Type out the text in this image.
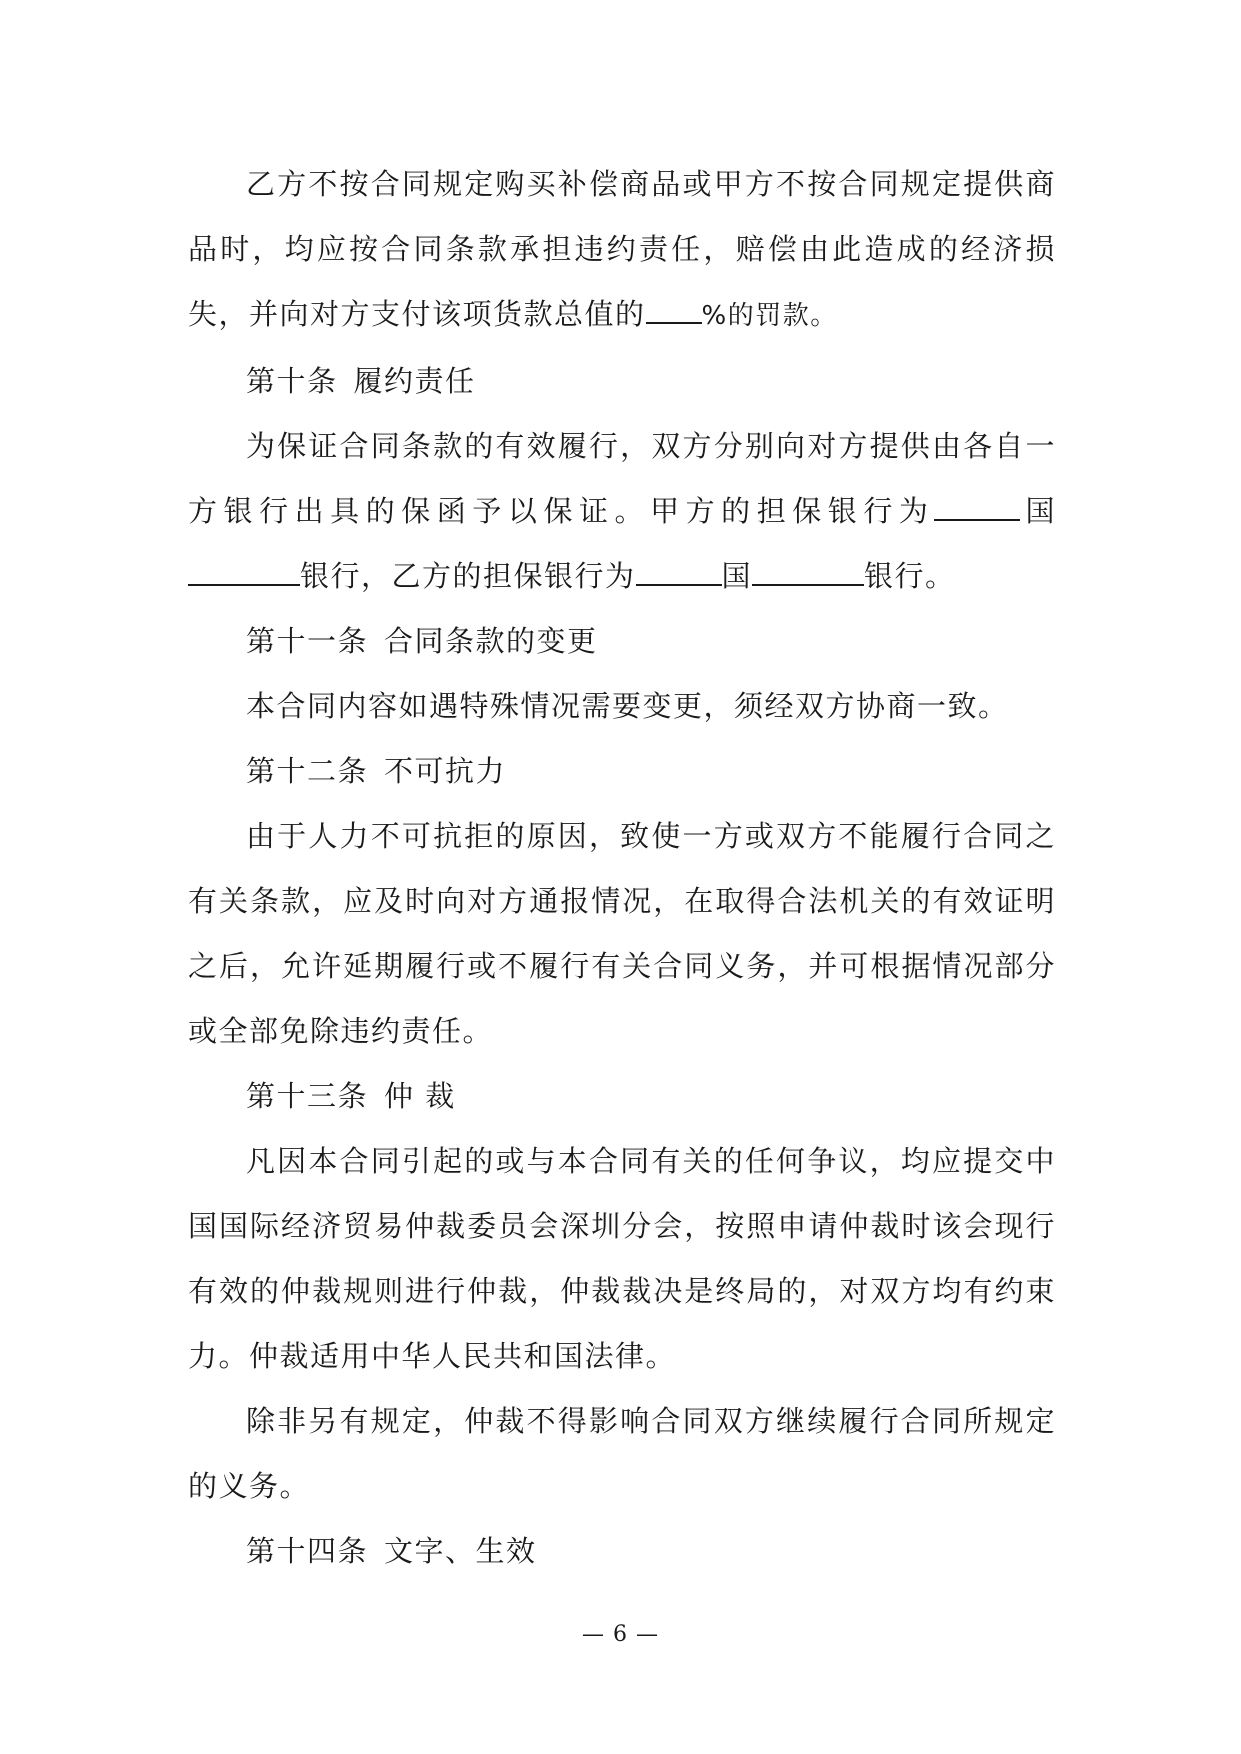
乙方不按合同规定购买补偿商品或甲方不按合同规定提供商品时，均应按合同条款承担违约责任，赔偿由此造成的经济损失，并向对方支付该项货款总值的 %的罚款。

第十条 履约责任

为保证合同条款的有效履行，双方分别向对方提供由各自一方银行出具的保函予以保证。甲方的担保银行为	国银行，乙方的担保银行为	国	银行。

第十一条 合同条款的变更

本合同内容如遇特殊情况需要变更，须经双方协商一致。

第十二条 不可抗力

由于人力不可抗拒的原因，致使一方或双方不能履行合同之有关条款，应及时向对方通报情况，在取得合法机关的有效证明之后，允许延期履行或不履行有关合同义务，并可根据情况部分或全部免除违约责任。

第十三条 仲 裁

凡因本合同引起的或与本合同有关的任何争议，均应提交中国国际经济贸易仲裁委员会深圳分会，按照申请仲裁时该会现行有效的仲裁规则进行仲裁，仲裁裁决是终局的，对双方均有约束力。仲裁适用中华人民共和国法律。

除非另有规定，仲裁不得影响合同双方继续履行合同所规定的义务。

第十四条 文字、生效

— 6 —
